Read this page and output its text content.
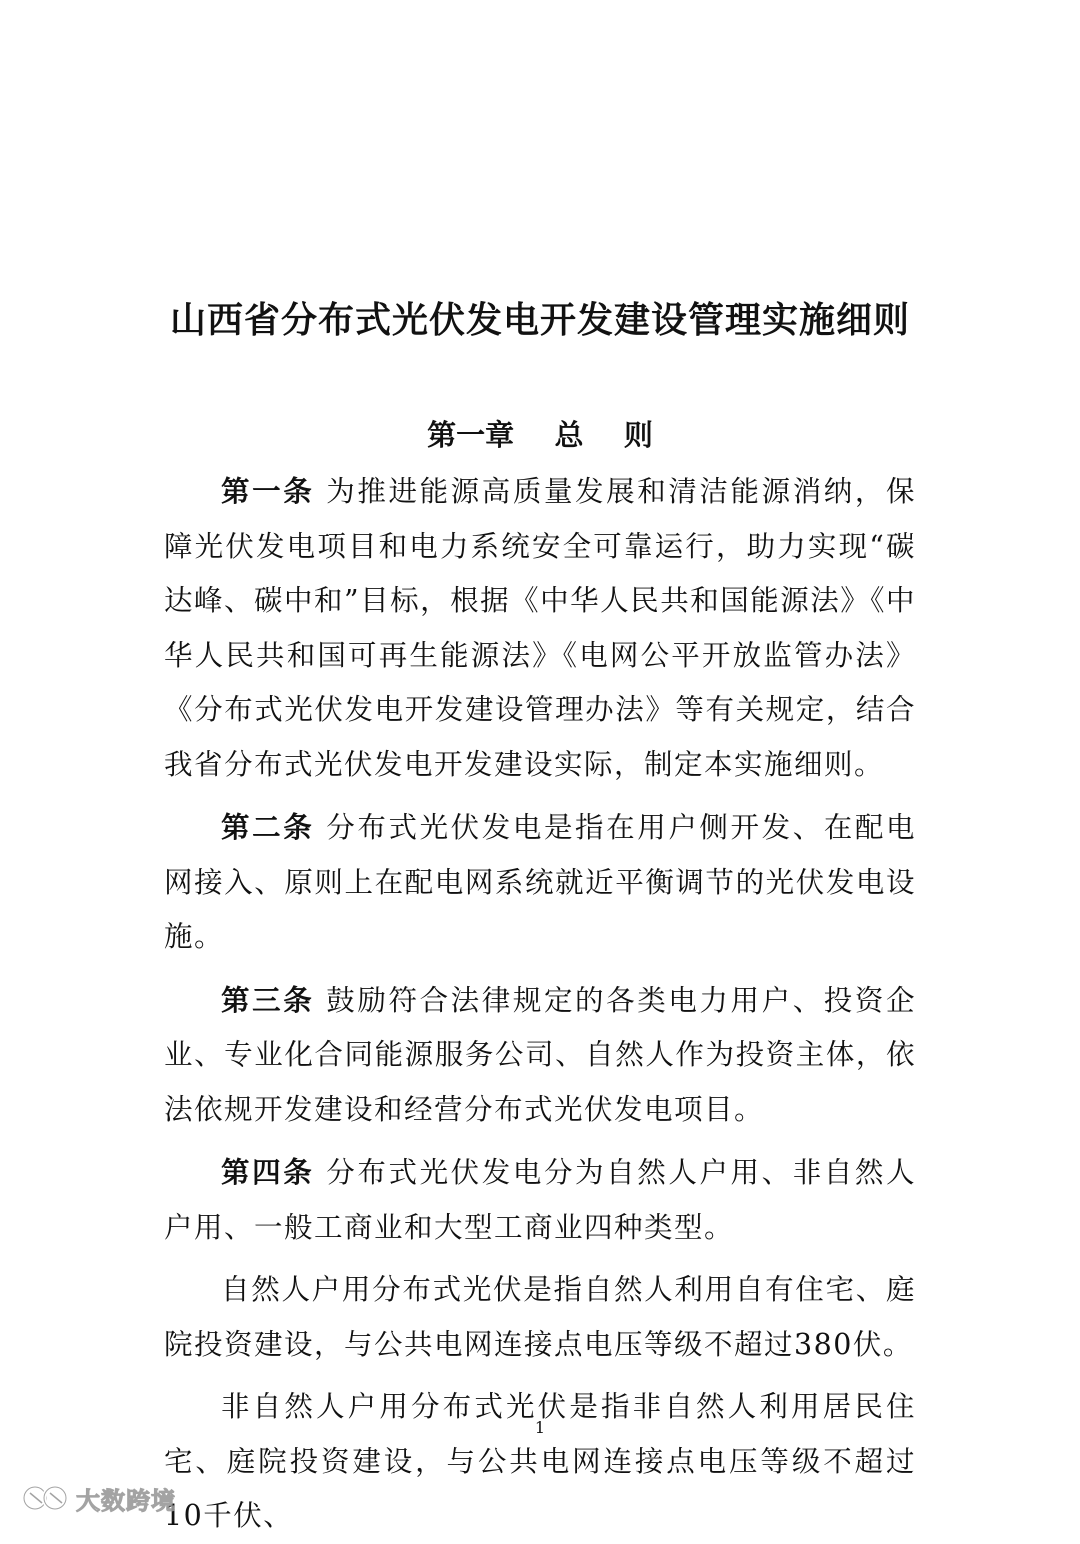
山西省分布式光伏发电开发建设管理实施细则
第一章    总    则

第一条 为推进能源高质量发展和清洁能源消纳，保障光伏发电项目和电力系统安全可靠运行，助力实现“碳达峰、碳中和”目标，根据《中华人民共和国能源法》《中华人民共和国可再生能源法》《电网公平开放监管办法》《分布式光伏发电开发建设管理办法》等有关规定，结合我省分布式光伏发电开发建设实际，制定本实施细则。

第二条 分布式光伏发电是指在用户侧开发、在配电网接入、原则上在配电网系统就近平衡调节的光伏发电设施。

第三条 鼓励符合法律规定的各类电力用户、投资企业、专业化合同能源服务公司、自然人作为投资主体，依法依规开发建设和经营分布式光伏发电项目。

第四条 分布式光伏发电分为自然人户用、非自然人户用、一般工商业和大型工商业四种类型。

自然人户用分布式光伏是指自然人利用自有住宅、庭院投资建设，与公共电网连接点电压等级不超过380伏。

非自然人户用分布式光伏是指非自然人利用居民住宅、庭院投资建设，与公共电网连接点电压等级不超过10千伏、

1
大数跨境
